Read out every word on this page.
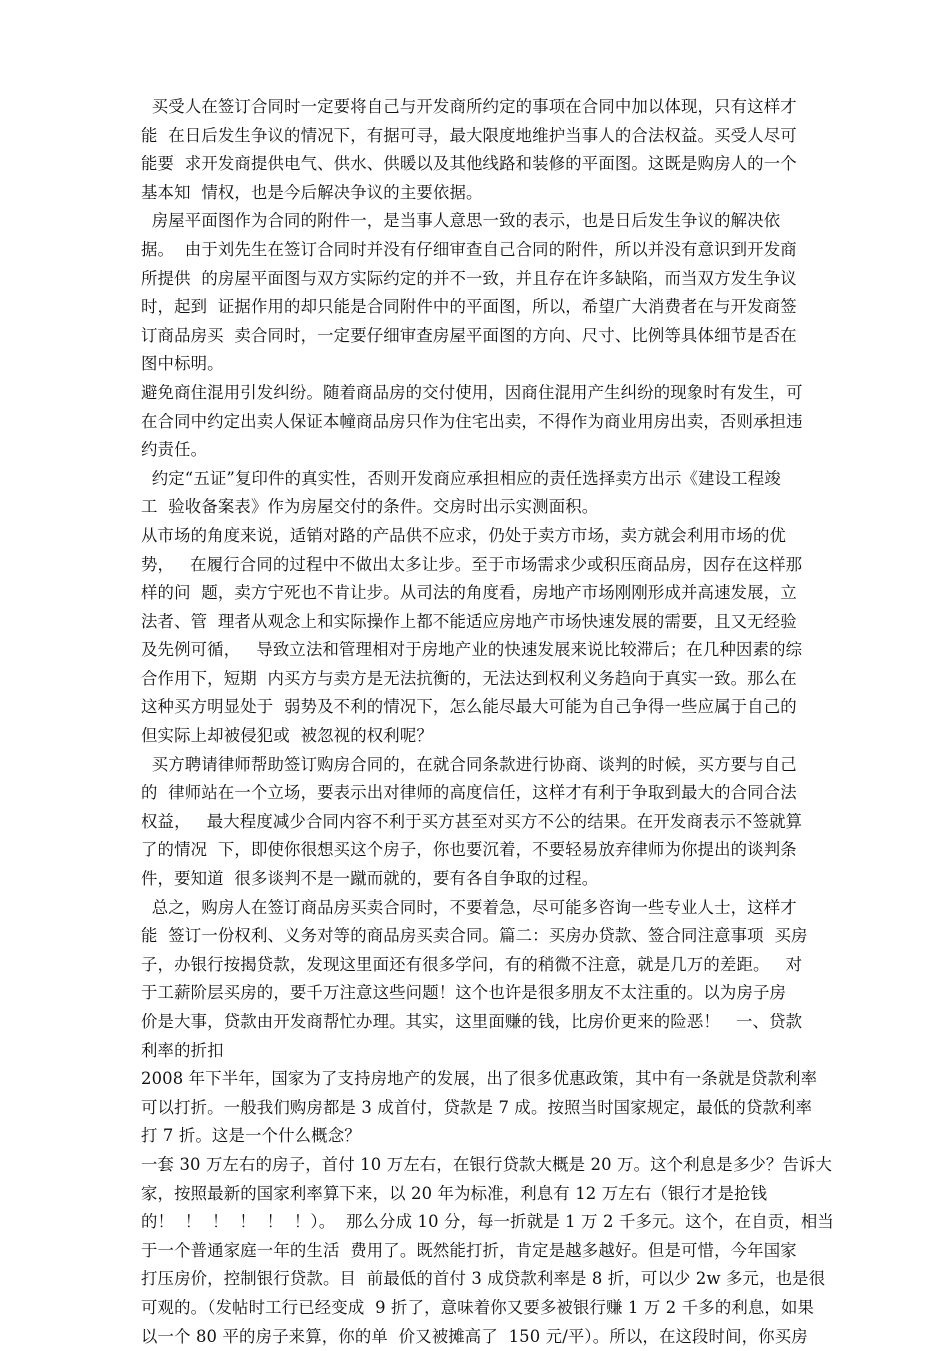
买受人在签订合同时一定要将自己与开发商所约定的事项在合同中加以体现，只有这样才
能  在日后发生争议的情况下，有据可寻，最大限度地维护当事人的合法权益。买受人尽可
能要  求开发商提供电气、供水、供暖以及其他线路和装修的平面图。这既是购房人的一个
基本知  情权，也是今后解决争议的主要依据。
房屋平面图作为合同的附件一，是当事人意思一致的表示，也是日后发生争议的解决依
据。  由于刘先生在签订合同时并没有仔细审查自己合同的附件，所以并没有意识到开发商
所提供  的房屋平面图与双方实际约定的并不一致，并且存在许多缺陷，而当双方发生争议
时，起到  证据作用的却只能是合同附件中的平面图，所以，希望广大消费者在与开发商签
订商品房买  卖合同时，一定要仔细审查房屋平面图的方向、尺寸、比例等具体细节是否在
图中标明。
避免商住混用引发纠纷。随着商品房的交付使用，因商住混用产生纠纷的现象时有发生，可
在合同中约定出卖人保证本幢商品房只作为住宅出卖，不得作为商业用房出卖，否则承担违
约责任。
约定“五证”复印件的真实性，否则开发商应承担相应的责任选择卖方出示《建设工程竣
工  验收备案表》作为房屋交付的条件。交房时出示实测面积。
从市场的角度来说，适销对路的产品供不应求，仍处于卖方市场，卖方就会利用市场的优
势，   在履行合同的过程中不做出太多让步。至于市场需求少或积压商品房，因存在这样那
样的问  题，卖方宁死也不肯让步。从司法的角度看，房地产市场刚刚形成并高速发展，立
法者、管  理者从观念上和实际操作上都不能适应房地产市场快速发展的需要，且又无经验
及先例可循，   导致立法和管理相对于房地产业的快速发展来说比较滞后；在几种因素的综
合作用下，短期  内买方与卖方是无法抗衡的，无法达到权利义务趋向于真实一致。那么在
这种买方明显处于  弱势及不利的情况下，怎么能尽最大可能为自己争得一些应属于自己的
但实际上却被侵犯或  被忽视的权利呢？
买方聘请律师帮助签订购房合同的，在就合同条款进行协商、谈判的时候，买方要与自己
的  律师站在一个立场，要表示出对律师的高度信任，这样才有利于争取到最大的合同合法
权益，   最大程度减少合同内容不利于买方甚至对买方不公的结果。在开发商表示不签就算
了的情况  下，即使你很想买这个房子，你也要沉着，不要轻易放弃律师为你提出的谈判条
件，要知道  很多谈判不是一蹴而就的，要有各自争取的过程。
总之，购房人在签订商品房买卖合同时，不要着急，尽可能多咨询一些专业人士，这样才
能  签订一份权利、义务对等的商品房买卖合同。篇二：买房办贷款、签合同注意事项  买房
子，办银行按揭贷款，发现这里面还有很多学问，有的稍微不注意，就是几万的差距。   对
于工薪阶层买房的，要千万注意这些问题！这个也许是很多朋友不太注重的。以为房子房
价是大事，贷款由开发商帮忙办理。其实，这里面赚的钱，比房价更来的险恶！   一、贷款
利率的折扣
2008 年下半年，国家为了支持房地产的发展，出了很多优惠政策，其中有一条就是贷款利率
可以打折。一般我们购房都是 3 成首付，贷款是 7 成。按照当时国家规定，最低的贷款利率
打 7 折。这是一个什么概念？
一套 30 万左右的房子，首付 10 万左右，在银行贷款大概是 20 万。这个利息是多少？告诉大
家，按照最新的国家利率算下来，以 20 年为标准，利息有 12 万左右（银行才是抢钱
的！  ！  ！  ！  ！  ！）。  那么分成 10 分，每一折就是 1 万 2 千多元。这个，在自贡，相当
于一个普通家庭一年的生活  费用了。既然能打折，肯定是越多越好。但是可惜，今年国家
打压房价，控制银行贷款。目  前最低的首付 3 成贷款利率是 8 折，可以少 2w 多元，也是很
可观的。（发帖时工行已经变成  9 折了，意味着你又要多被银行赚 1 万 2 千多的利息，如果
以一个 80 平的房子来算，你的单  价又被摊高了  150 元/平）。所以，在这段时间，你买房
